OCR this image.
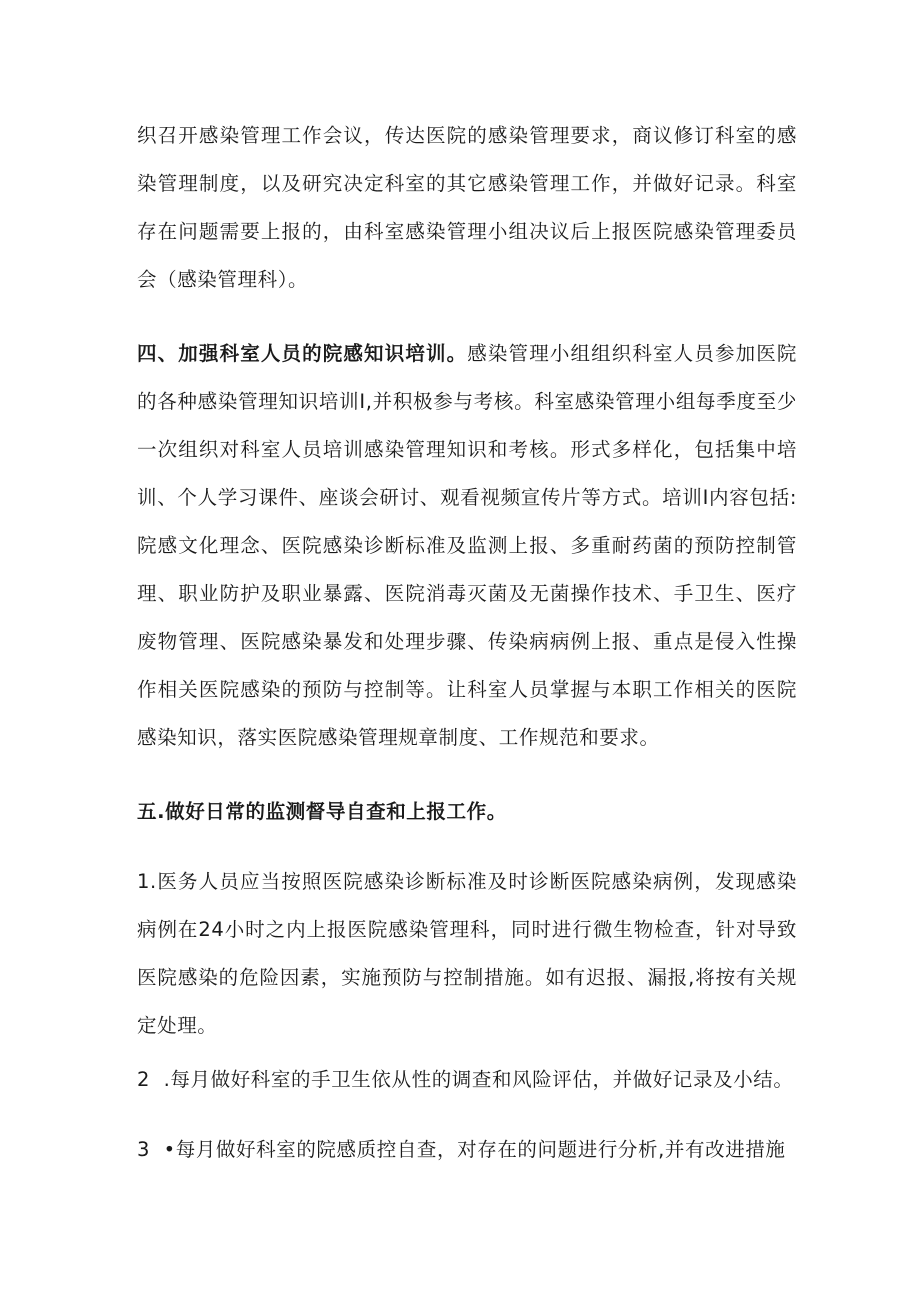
织召开感染管理工作会议，传达医院的感染管理要求，商议修订科室的感染管理制度，以及研究决定科室的其它感染管理工作，并做好记录。科室存在问题需要上报的，由科室感染管理小组决议后上报医院感染管理委员会（感染管理科）。

四、加强科室人员的院感知识培训。感染管理小组组织科室人员参加医院的各种感染管理知识培训I,并积极参与考核。科室感染管理小组每季度至少一次组织对科室人员培训感染管理知识和考核。形式多样化，包括集中培训、个人学习课件、座谈会研讨、观看视频宣传片等方式。培训I内容包括:院感文化理念、医院感染诊断标准及监测上报、多重耐药菌的预防控制管理、职业防护及职业暴露、医院消毒灭菌及无菌操作技术、手卫生、医疗废物管理、医院感染暴发和处理步骤、传染病病例上报、重点是侵入性操作相关医院感染的预防与控制等。让科室人员掌握与本职工作相关的医院感染知识，落实医院感染管理规章制度、工作规范和要求。

五.做好日常的监测督导自查和上报工作。

1.医务人员应当按照医院感染诊断标准及时诊断医院感染病例，发现感染病例在24小时之内上报医院感染管理科，同时进行微生物检查，针对导致医院感染的危险因素，实施预防与控制措施。如有迟报、漏报,将按有关规定处理。

2  .每月做好科室的手卫生依从性的调查和风险评估，并做好记录及小结。

3  •每月做好科室的院感质控自查，对存在的问题进行分析,并有改进措施
